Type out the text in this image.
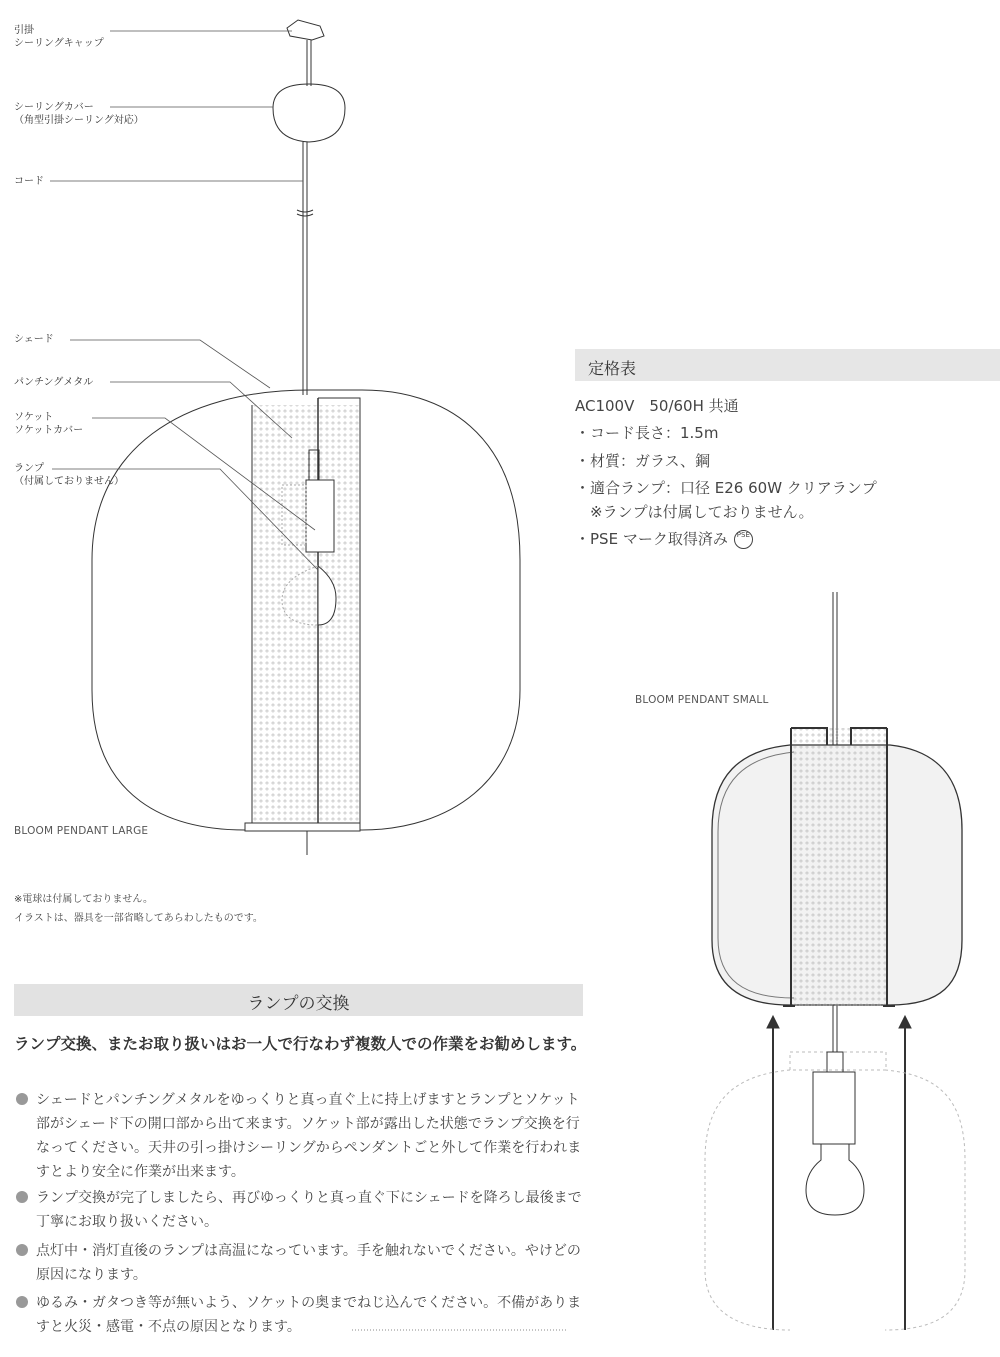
引掛
シーリングキャップ
シーリングカバー
（角型引掛シーリング対応）
コード
シェード
パンチングメタル
ソケット
ソケットカバー
ランプ
（付属しておりません）
BLOOM PENDANT LARGE
BLOOM PENDANT SMALL
※電球は付属しておりません。
イラストは、器具を一部省略してあらわしたものです。
定格表
AC100V　50/60H 共通
・コード長さ：1.5m
・材質：ガラス、鋼
・適合ランプ：口径 E26 60W クリアランプ
　※ランプは付属しておりません。
・PSE マーク取得済み PSE
ランプの交換
ランプ交換、またお取り扱いはお一人で行なわず複数人での作業をお勧めします。
シェードとパンチングメタルをゆっくりと真っ直ぐ上に持上げますとランプとソケット部がシェード下の開口部から出て来ます。ソケット部が露出した状態でランプ交換を行なってください。天井の引っ掛けシーリングからペンダントごと外して作業を行われますとより安全に作業が出来ます。
ランプ交換が完了しましたら、再びゆっくりと真っ直ぐ下にシェードを降ろし最後まで丁寧にお取り扱いください。
点灯中・消灯直後のランプは高温になっています。手を触れないでください。やけどの原因になります。
ゆるみ・ガタつき等が無いよう、ソケットの奥までねじ込んでください。不備がありますと火災・感電・不点の原因となります。
